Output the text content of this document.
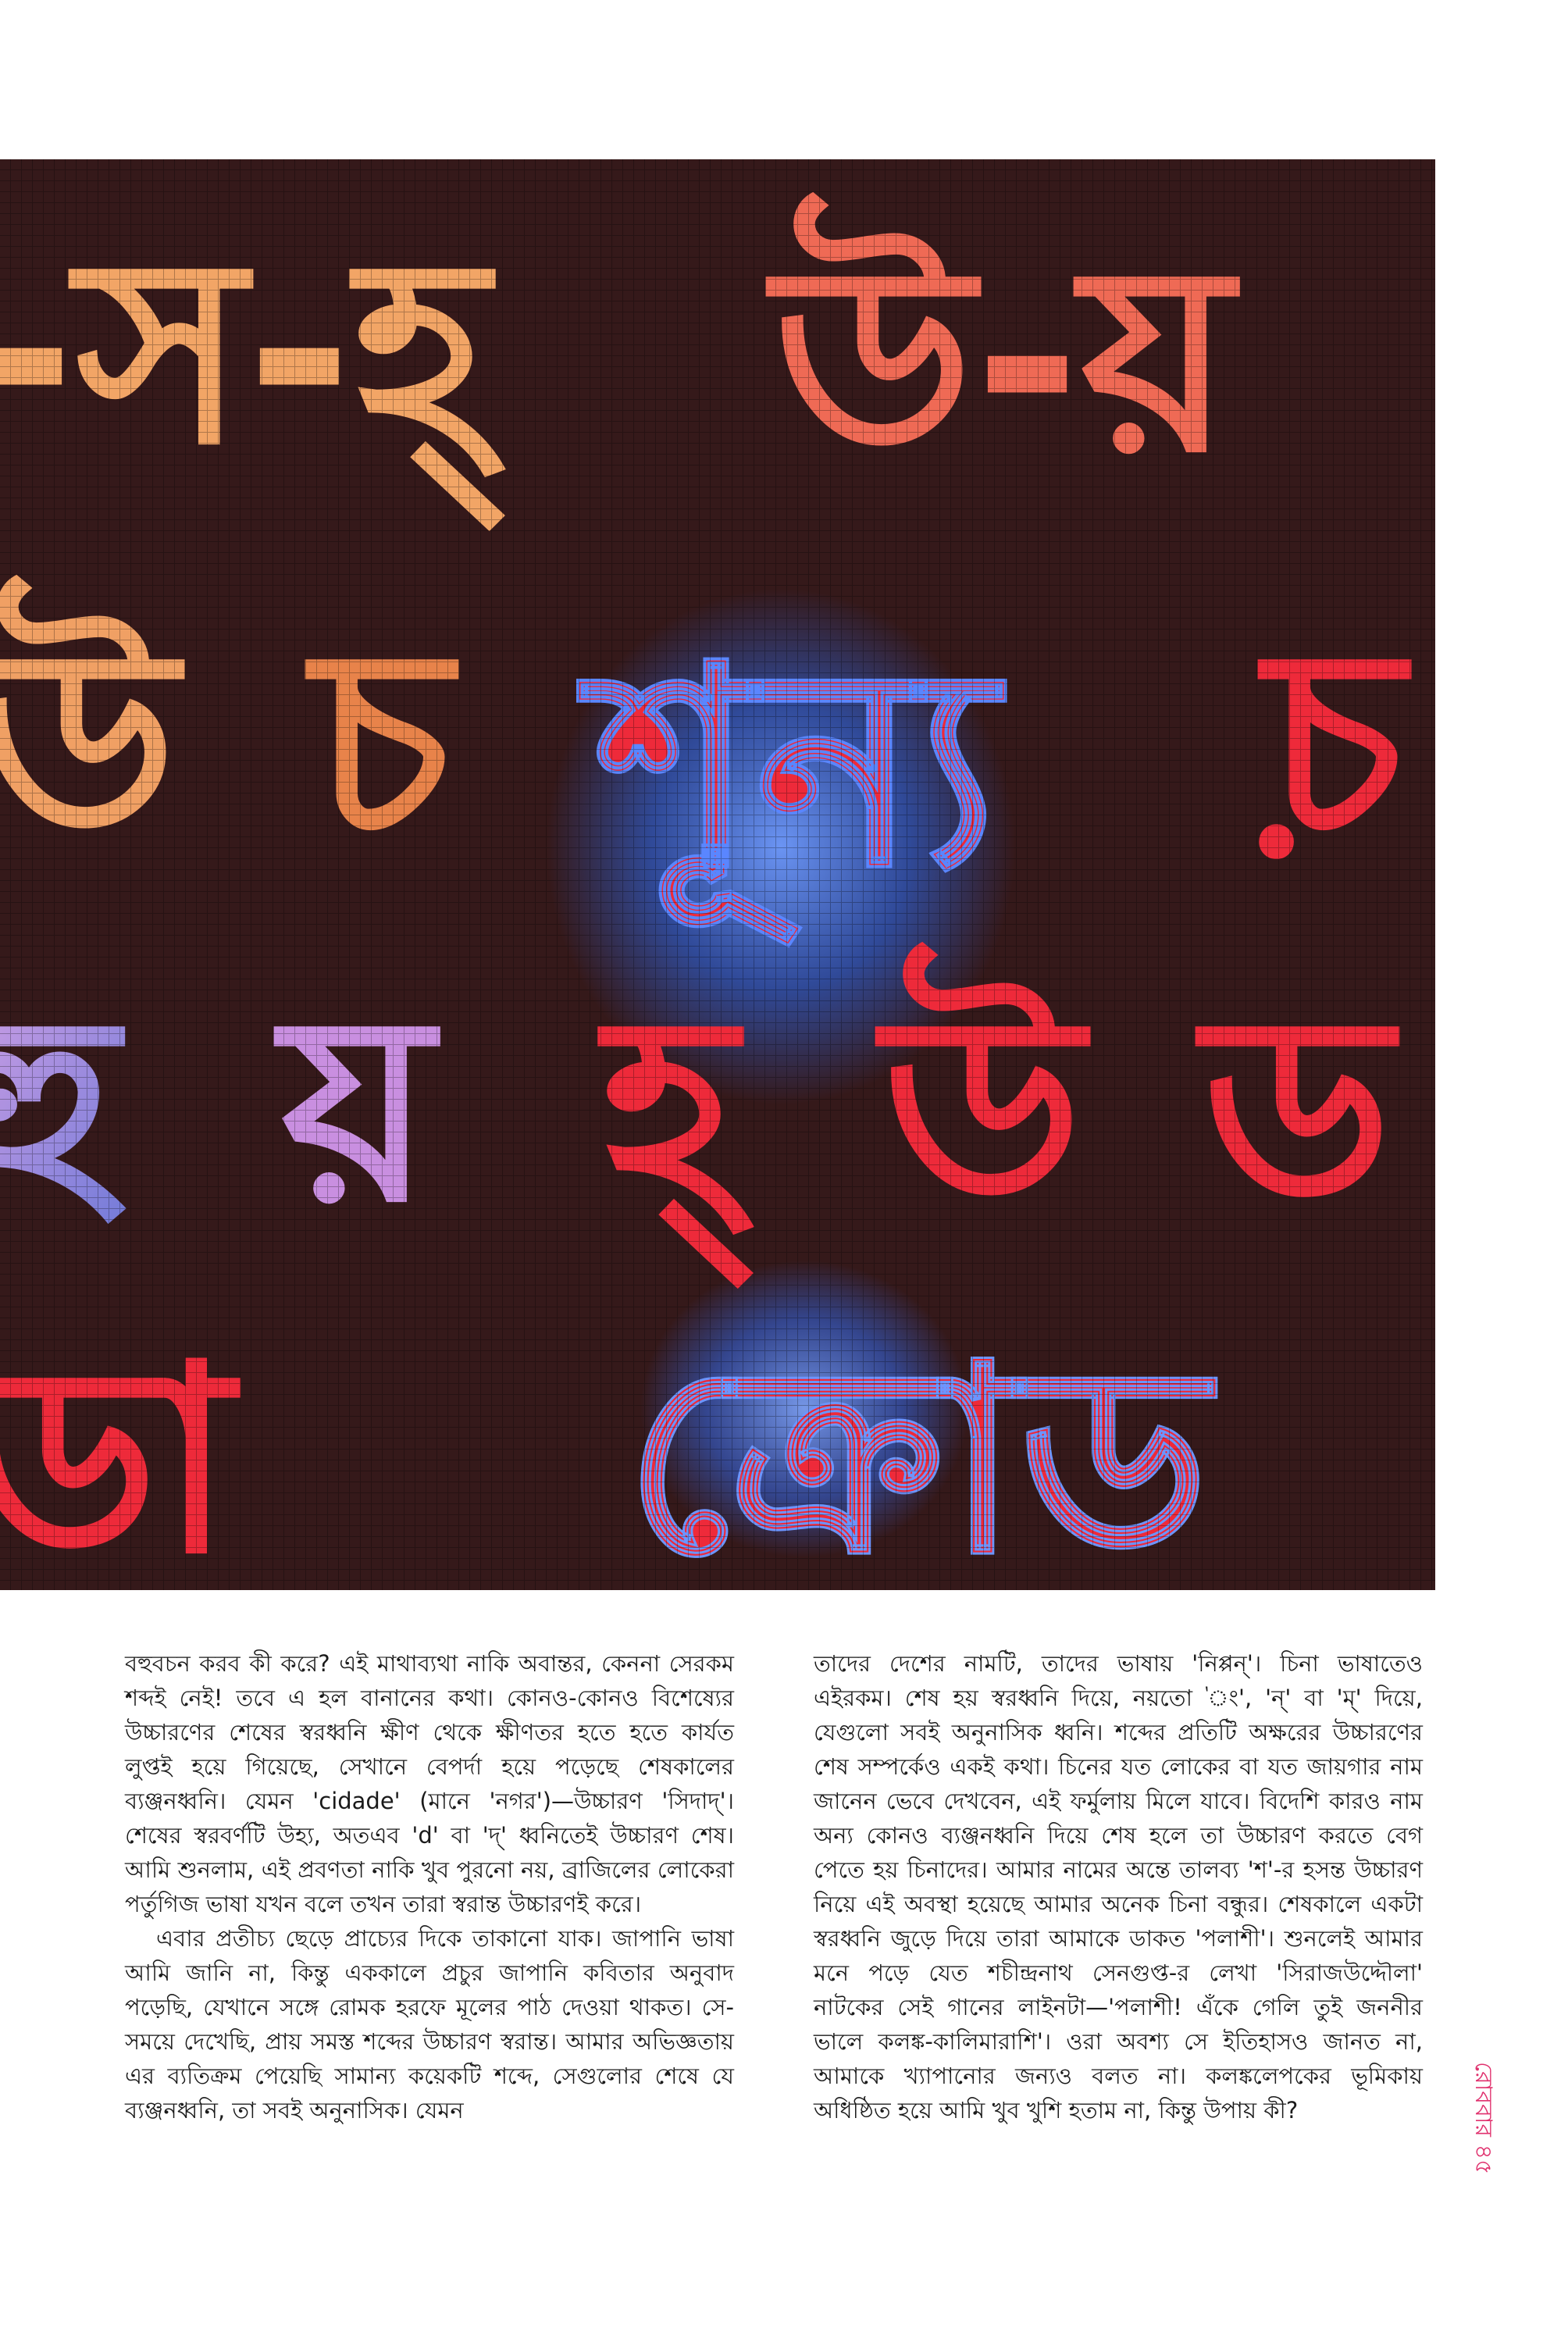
বহুবচন করব কী করে? এই মাথাব্যথা নাকি অবান্তর, কেননা সেরকম শব্দই নেই! তবে এ হল বানানের কথা। কোনও-কোনও বিশেষ্যের উচ্চারণের শেষের স্বরধ্বনি ক্ষীণ থেকে ক্ষীণতর হতে হতে কার্যত লুপ্তই হয়ে গিয়েছে, সেখানে বেপর্দা হয়ে পড়েছে শেষকালের ব্যঞ্জনধ্বনি। যেমন 'cidade' (মানে 'নগর')—উচ্চারণ 'সিদাদ্'। শেষের স্বরবর্ণটি উহ্য, অতএব 'd' বা 'দ্' ধ্বনিতেই উচ্চারণ শেষ। আমি শুনলাম, এই প্রবণতা নাকি খুব পুরনো নয়, ব্রাজিলের লোকেরা পর্তুগিজ ভাষা যখন বলে তখন তারা স্বরান্ত উচ্চারণই করে।

এবার প্রতীচ্য ছেড়ে প্রাচ্যের দিকে তাকানো যাক। জাপানি ভাষা আমি জানি না, কিন্তু এককালে প্রচুর জাপানি কবিতার অনুবাদ পড়েছি, যেখানে সঙ্গে রোমক হরফে মূলের পাঠ দেওয়া থাকত। সে-সময়ে দেখেছি, প্রায় সমস্ত শব্দের উচ্চারণ স্বরান্ত। আমার অভিজ্ঞতায় এর ব্যতিক্রম পেয়েছি সামান্য কয়েকটি শব্দে, সেগুলোর শেষে যে ব্যঞ্জনধ্বনি, তা সবই অনুনাসিক। যেমন

তাদের দেশের নামটি, তাদের ভাষায় 'নিপ্পন্'। চিনা ভাষাতেও এইরকম। শেষ হয় স্বরধ্বনি দিয়ে, নয়তো 'ং', 'ন্' বা 'ম্' দিয়ে, যেগুলো সবই অনুনাসিক ধ্বনি। শব্দের প্রতিটি অক্ষরের উচ্চারণের শেষ সম্পর্কেও একই কথা। চিনের যত লোকের বা যত জায়গার নাম জানেন ভেবে দেখবেন, এই ফর্মুলায় মিলে যাবে। বিদেশি কারও নাম অন্য কোনও ব্যঞ্জনধ্বনি দিয়ে শেষ হলে তা উচ্চারণ করতে বেগ পেতে হয় চিনাদের। আমার নামের অন্তে তালব্য 'শ'-র হসন্ত উচ্চারণ নিয়ে এই অবস্থা হয়েছে আমার অনেক চিনা বন্ধুর। শেষকালে একটা স্বরধ্বনি জুড়ে দিয়ে তারা আমাকে ডাকত 'পলাশী'। শুনলেই আমার মনে পড়ে যেত শচীন্দ্রনাথ সেনগুপ্ত-র লেখা 'সিরাজউদ্দৌলা' নাটকের সেই গানের লাইনটা—'পলাশী! এঁকে গেলি তুই জননীর ভালে কলঙ্ক-কালিমারাশি'। ওরা অবশ্য সে ইতিহাসও জানত না, আমাকে খ্যাপানোর জন্যও বলত না। কলঙ্কলেপকের ভূমিকায় অধিষ্ঠিত হয়ে আমি খুব খুশি হতাম না, কিন্তু উপায় কী?	রোববার ৪৫
